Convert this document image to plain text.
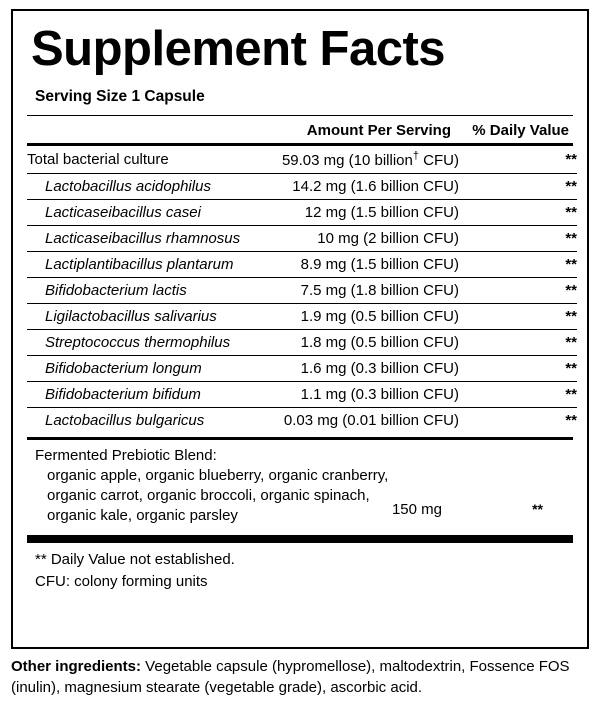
Supplement Facts
Serving Size 1 Capsule
Amount Per Serving	% Daily Value
Total bacterial culture	59.03 mg (10 billion† CFU)	**
Lactobacillus acidophilus	14.2 mg (1.6 billion CFU)	**
Lacticaseibacillus casei	12 mg (1.5 billion CFU)	**
Lacticaseibacillus rhamnosus	10 mg (2 billion CFU)	**
Lactiplantibacillus plantarum	8.9 mg (1.5 billion CFU)	**
Bifidobacterium lactis	7.5 mg (1.8 billion CFU)	**
Ligilactobacillus salivarius	1.9 mg (0.5 billion CFU)	**
Streptococcus thermophilus	1.8 mg (0.5 billion CFU)	**
Bifidobacterium longum	1.6 mg (0.3 billion CFU)	**
Bifidobacterium bifidum	1.1 mg (0.3 billion CFU)	**
Lactobacillus bulgaricus	0.03 mg (0.01 billion CFU)	**
Fermented Prebiotic Blend:
organic apple, organic blueberry, organic cranberry,
organic carrot, organic broccoli, organic spinach,
organic kale, organic parsley	150 mg	**
** Daily Value not established.
CFU: colony forming units
Other ingredients: Vegetable capsule (hypromellose), maltodextrin, Fossence FOS (inulin), magnesium stearate (vegetable grade), ascorbic acid.
